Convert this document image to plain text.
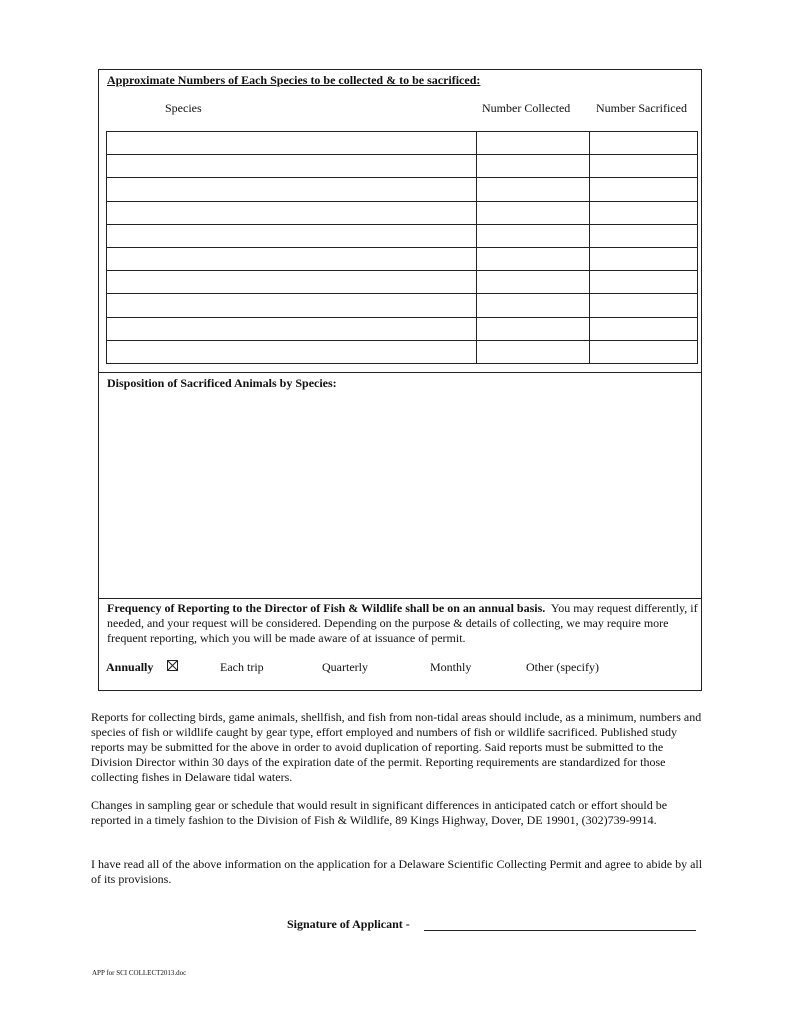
Approximate Numbers of Each Species to be collected & to be sacrificed:
Species	Number Collected Number Sacrificed

Disposition of Sacrificed Animals by Species:
Frequency of Reporting to the Director of Fish & Wildlife shall be on an annual basis. You may request differently, if needed, and your request will be considered. Depending on the purpose & details of collecting, we may require more frequent reporting, which you will be made aware of at issuance of permit.
Annually	Each trip	Quarterly	Monthly	Other (specify)
Reports for collecting birds, game animals, shellfish, and fish from non-tidal areas should include, as a minimum, numbers and species of fish or wildlife caught by gear type, effort employed and numbers of fish or wildlife sacrificed. Published study reports may be submitted for the above in order to avoid duplication of reporting. Said reports must be submitted to the Division Director within 30 days of the expiration date of the permit. Reporting requirements are standardized for those collecting fishes in Delaware tidal waters.
Changes in sampling gear or schedule that would result in significant differences in anticipated catch or effort should be reported in a timely fashion to the Division of Fish & Wildlife, 89 Kings Highway, Dover, DE 19901, (302)739-9914.
I have read all of the above information on the application for a Delaware Scientific Collecting Permit and agree to abide by all of its provisions.
Signature of Applicant -
APP for SCI COLLECT2013.doc
